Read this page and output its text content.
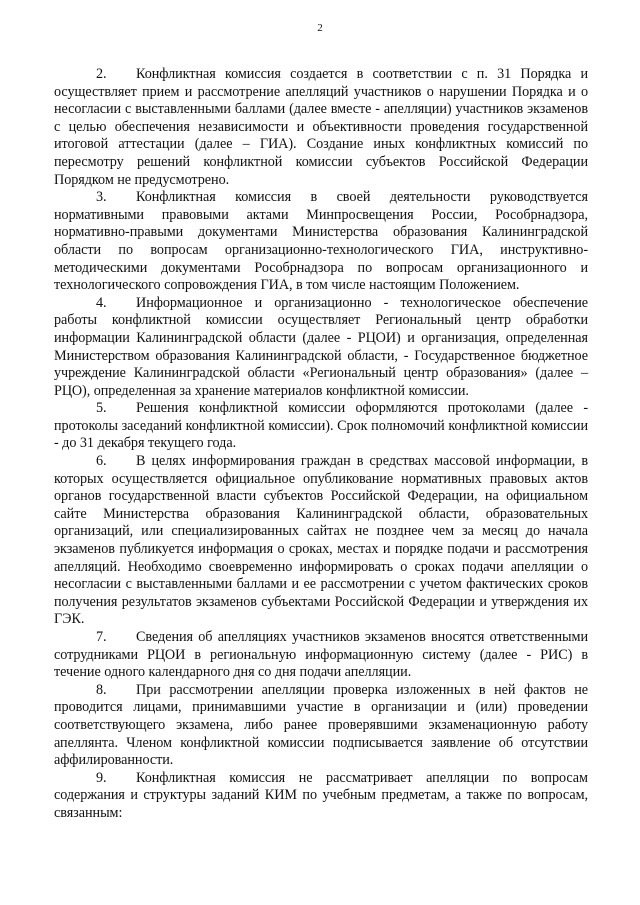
2

2. Конфликтная комиссия создается в соответствии с п. 31 Порядка и осуществляет прием и рассмотрение апелляций участников о нарушении Порядка и о несогласии с выставленными баллами (далее вместе - апелляции) участников экзаменов с целью обеспечения независимости и объективности проведения государственной итоговой аттестации (далее – ГИА). Создание иных конфликтных комиссий по пересмотру решений конфликтной комиссии субъектов Российской Федерации Порядком не предусмотрено.

3. Конфликтная комиссия в своей деятельности руководствуется нормативными правовыми актами Минпросвещения России, Рособрнадзора, нормативно-правыми документами Министерства образования Калининградской области по вопросам организационно-технологического ГИА, инструктивно-методическими документами Рособрнадзора по вопросам организационного и технологического сопровождения ГИА, в том числе настоящим Положением.

4. Информационное и организационно - технологическое обеспечение работы конфликтной комиссии осуществляет Региональный центр обработки информации Калининградской области (далее - РЦОИ) и организация, определенная Министерством образования Калининградской области, - Государственное бюджетное учреждение Калининградской области «Региональный центр образования» (далее – РЦО), определенная за хранение материалов конфликтной комиссии.

5. Решения конфликтной комиссии оформляются протоколами (далее - протоколы заседаний конфликтной комиссии). Срок полномочий конфликтной комиссии - до 31 декабря текущего года.

6. В целях информирования граждан в средствах массовой информации, в которых осуществляется официальное опубликование нормативных правовых актов органов государственной власти субъектов Российской Федерации, на официальном сайте Министерства образования Калининградской области, образовательных организаций, или специализированных сайтах не позднее чем за месяц до начала экзаменов публикуется информация о сроках, местах и порядке подачи и рассмотрения апелляций. Необходимо своевременно информировать о сроках подачи апелляции о несогласии с выставленными баллами и ее рассмотрении с учетом фактических сроков получения результатов экзаменов субъектами Российской Федерации и утверждения их ГЭК.

7. Сведения об апелляциях участников экзаменов вносятся ответственными сотрудниками РЦОИ в региональную информационную систему (далее - РИС) в течение одного календарного дня со дня подачи апелляции.

8. При рассмотрении апелляции проверка изложенных в ней фактов не проводится лицами, принимавшими участие в организации и (или) проведении соответствующего экзамена, либо ранее проверявшими экзаменационную работу апеллянта. Членом конфликтной комиссии подписывается заявление об отсутствии аффилированности.

9. Конфликтная комиссия не рассматривает апелляции по вопросам содержания и структуры заданий КИМ по учебным предметам, а также по вопросам, связанным:
